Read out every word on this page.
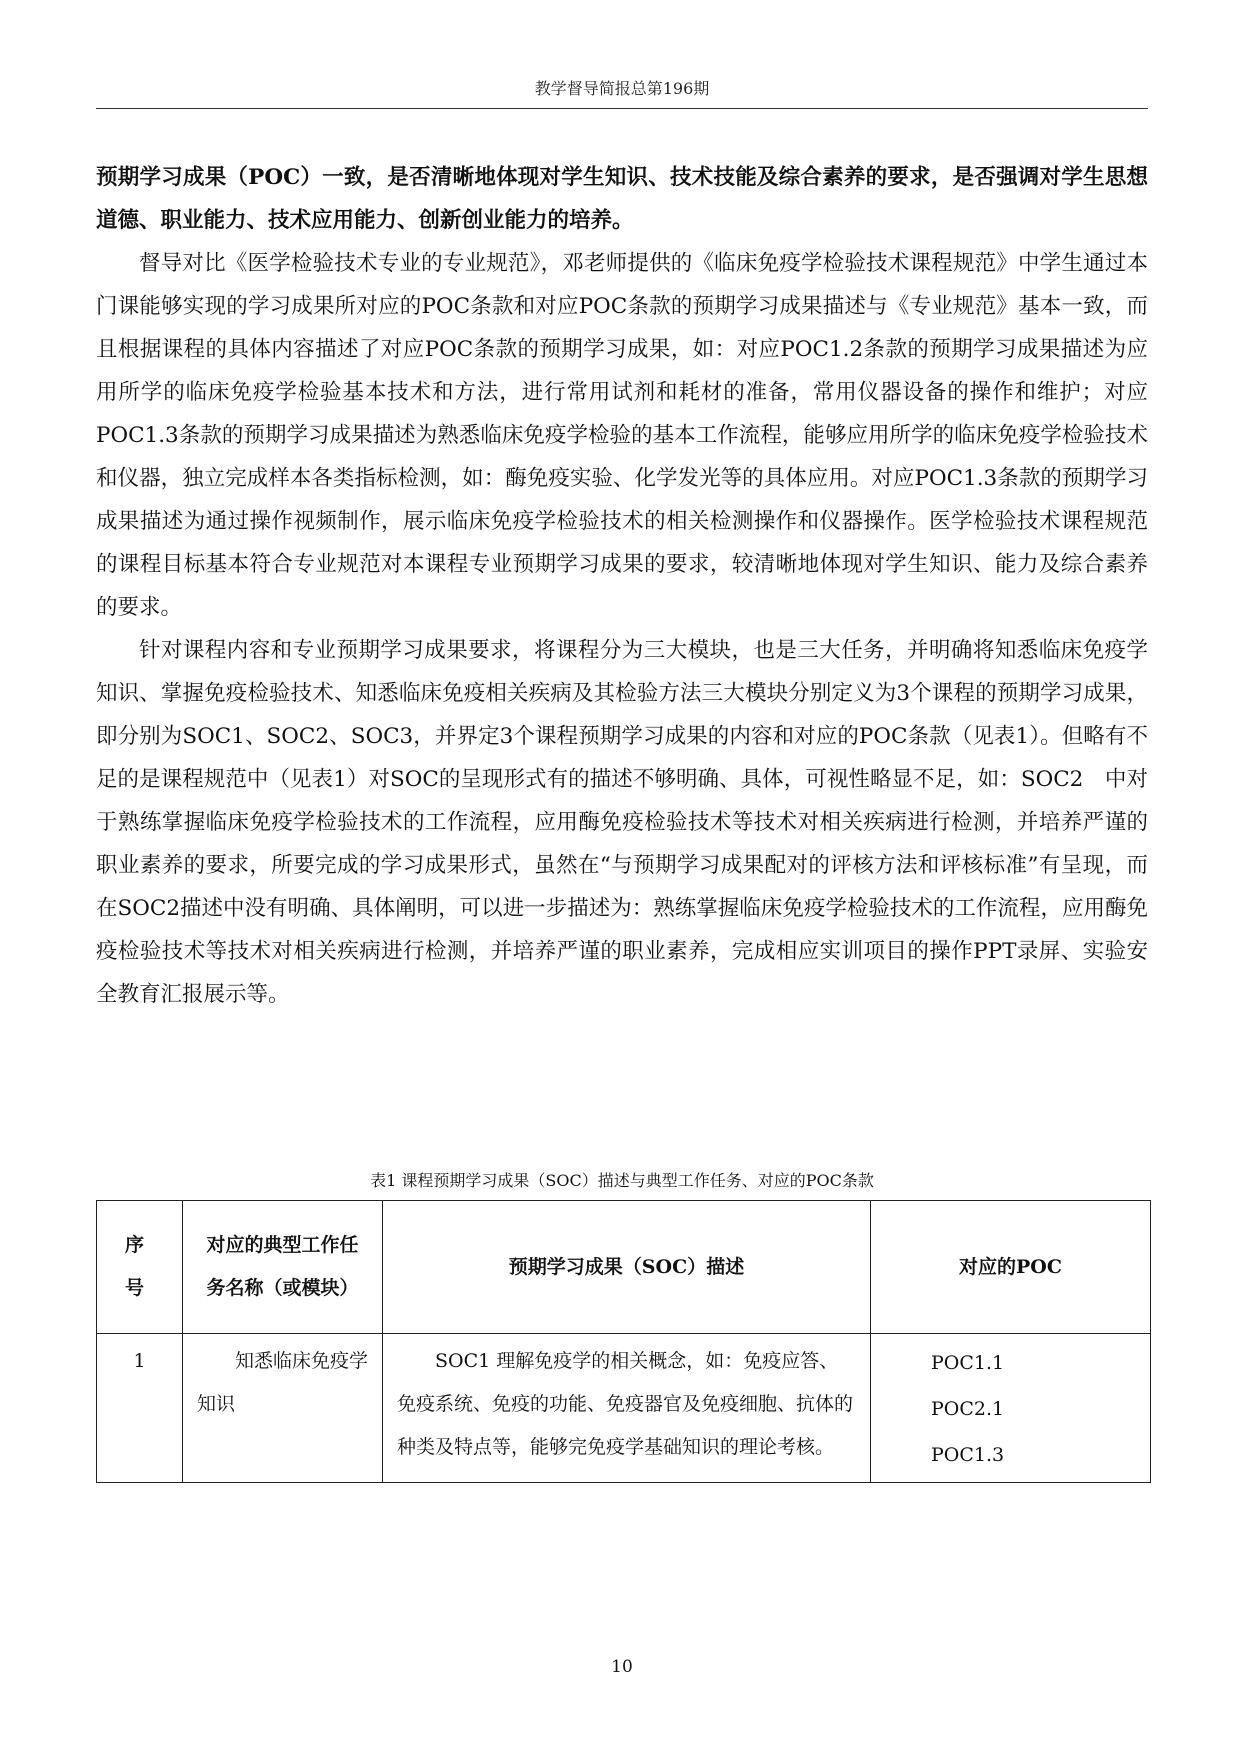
教学督导简报总第196期

预期学习成果（POC）一致，是否清晰地体现对学生知识、技术技能及综合素养的要求，是否强调对学生思想道德、职业能力、技术应用能力、创新创业能力的培养。

督导对比《医学检验技术专业的专业规范》，邓老师提供的《临床免疫学检验技术课程规范》中学生通过本门课能够实现的学习成果所对应的POC条款和对应POC条款的预期学习成果描述与《专业规范》基本一致，而且根据课程的具体内容描述了对应POC条款的预期学习成果，如：对应POC1.2条款的预期学习成果描述为应用所学的临床免疫学检验基本技术和方法，进行常用试剂和耗材的准备，常用仪器设备的操作和维护；对应POC1.3条款的预期学习成果描述为熟悉临床免疫学检验的基本工作流程，能够应用所学的临床免疫学检验技术和仪器，独立完成样本各类指标检测，如：酶免疫实验、化学发光等的具体应用。对应POC1.3条款的预期学习成果描述为通过操作视频制作，展示临床免疫学检验技术的相关检测操作和仪器操作。医学检验技术课程规范的课程目标基本符合专业规范对本课程专业预期学习成果的要求，较清晰地体现对学生知识、能力及综合素养的要求。

针对课程内容和专业预期学习成果要求，将课程分为三大模块，也是三大任务，并明确将知悉临床免疫学知识、掌握免疫检验技术、知悉临床免疫相关疾病及其检验方法三大模块分别定义为3个课程的预期学习成果，即分别为SOC1、SOC2、SOC3，并界定3个课程预期学习成果的内容和对应的POC条款（见表1）。但略有不足的是课程规范中（见表1）对SOC的呈现形式有的描述不够明确、具体，可视性略显不足，如：SOC2　中对于熟练掌握临床免疫学检验技术的工作流程，应用酶免疫检验技术等技术对相关疾病进行检测，并培养严谨的职业素养的要求，所要完成的学习成果形式，虽然在“与预期学习成果配对的评核方法和评核标准”有呈现，而在SOC2描述中没有明确、具体阐明，可以进一步描述为：熟练掌握临床免疫学检验技术的工作流程，应用酶免疫检验技术等技术对相关疾病进行检测，并培养严谨的职业素养，完成相应实训项目的操作PPT录屏、实验安全教育汇报展示等。

表1 课程预期学习成果（SOC）描述与典型工作任务、对应的POC条款
序号	对应的典型工作任务名称（或模块）	预期学习成果（SOC）描述	对应的POC
1	知悉临床免疫学知识	SOC1 理解免疫学的相关概念，如：免疫应答、免疫系统、免疫的功能、免疫器官及免疫细胞、抗体的种类及特点等，能够完免疫学基础知识的理论考核。	POC1.1
POC2.1
POC1.3
10
